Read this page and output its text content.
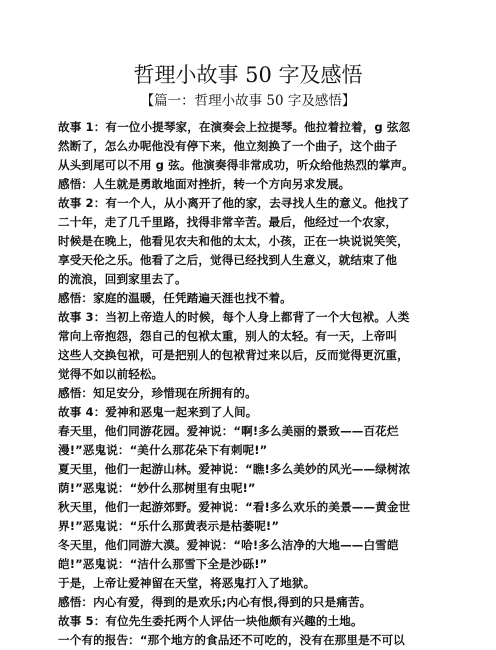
哲理小故事 50 字及感悟
【篇一：哲理小故事 50 字及感悟】
故事 1：有一位小提琴家，在演奏会上拉提琴。他拉着拉着，g 弦忽
然断了，怎么办呢他没有停下来，他立刻换了一个曲子，这个曲子
从头到尾可以不用 g 弦。他演奏得非常成功，听众给他热烈的掌声。
感悟：人生就是勇敢地面对挫折，转一个方向另求发展。
故事 2：有一个人，从小离开了他的家，去寻找人生的意义。他找了
二十年，走了几千里路，找得非常辛苦。最后，他经过一个农家，
时候是在晚上，他看见农夫和他的太太，小孩，正在一块说说笑笑，
享受天伦之乐。他看了之后，觉得已经找到人生意义，就结束了他
的流浪，回到家里去了。
感悟：家庭的温暖，任凭踏遍天涯也找不着。
故事 3：当初上帝造人的时候，每个人身上都背了一个大包袱。人类
常向上帝抱怨，怨自己的包袱太重，别人的太轻。有一天，上帝叫
这些人交换包袱，可是把别人的包袱背过来以后，反而觉得更沉重，
觉得不如以前轻松。
感悟：知足安分，珍惜现在所拥有的。
故事 4：爱神和恶鬼一起来到了人间。
春天里，他们同游花园。爱神说：“啊!多么美丽的景致——百花烂
漫!”恶鬼说：“美什么那花朵下有刺呢!”
夏天里，他们一起游山林。爱神说：“瞧!多么美妙的风光——绿树浓
荫!”恶鬼说：“妙什么那树里有虫呢!”
秋天里，他们一起游郊野。爱神说：“看!多么欢乐的美景——黄金世
界!”恶鬼说：“乐什么那黄表示是枯萎呢!”
冬天里，他们同游大漠。爱神说：“哈!多么洁净的大地——白雪皑
皑!”恶鬼说：“洁什么那雪下全是沙砾!”
于是，上帝让爱神留在天堂，将恶鬼打入了地狱。
感悟：内心有爱，得到的是欢乐;内心有恨,得到的只是痛苦。
故事 5：有位先生委托两个人评估一块他颇有兴趣的土地。
一个有的报告：“那个地方的食品还不可吃的，没有在那里是不可以
